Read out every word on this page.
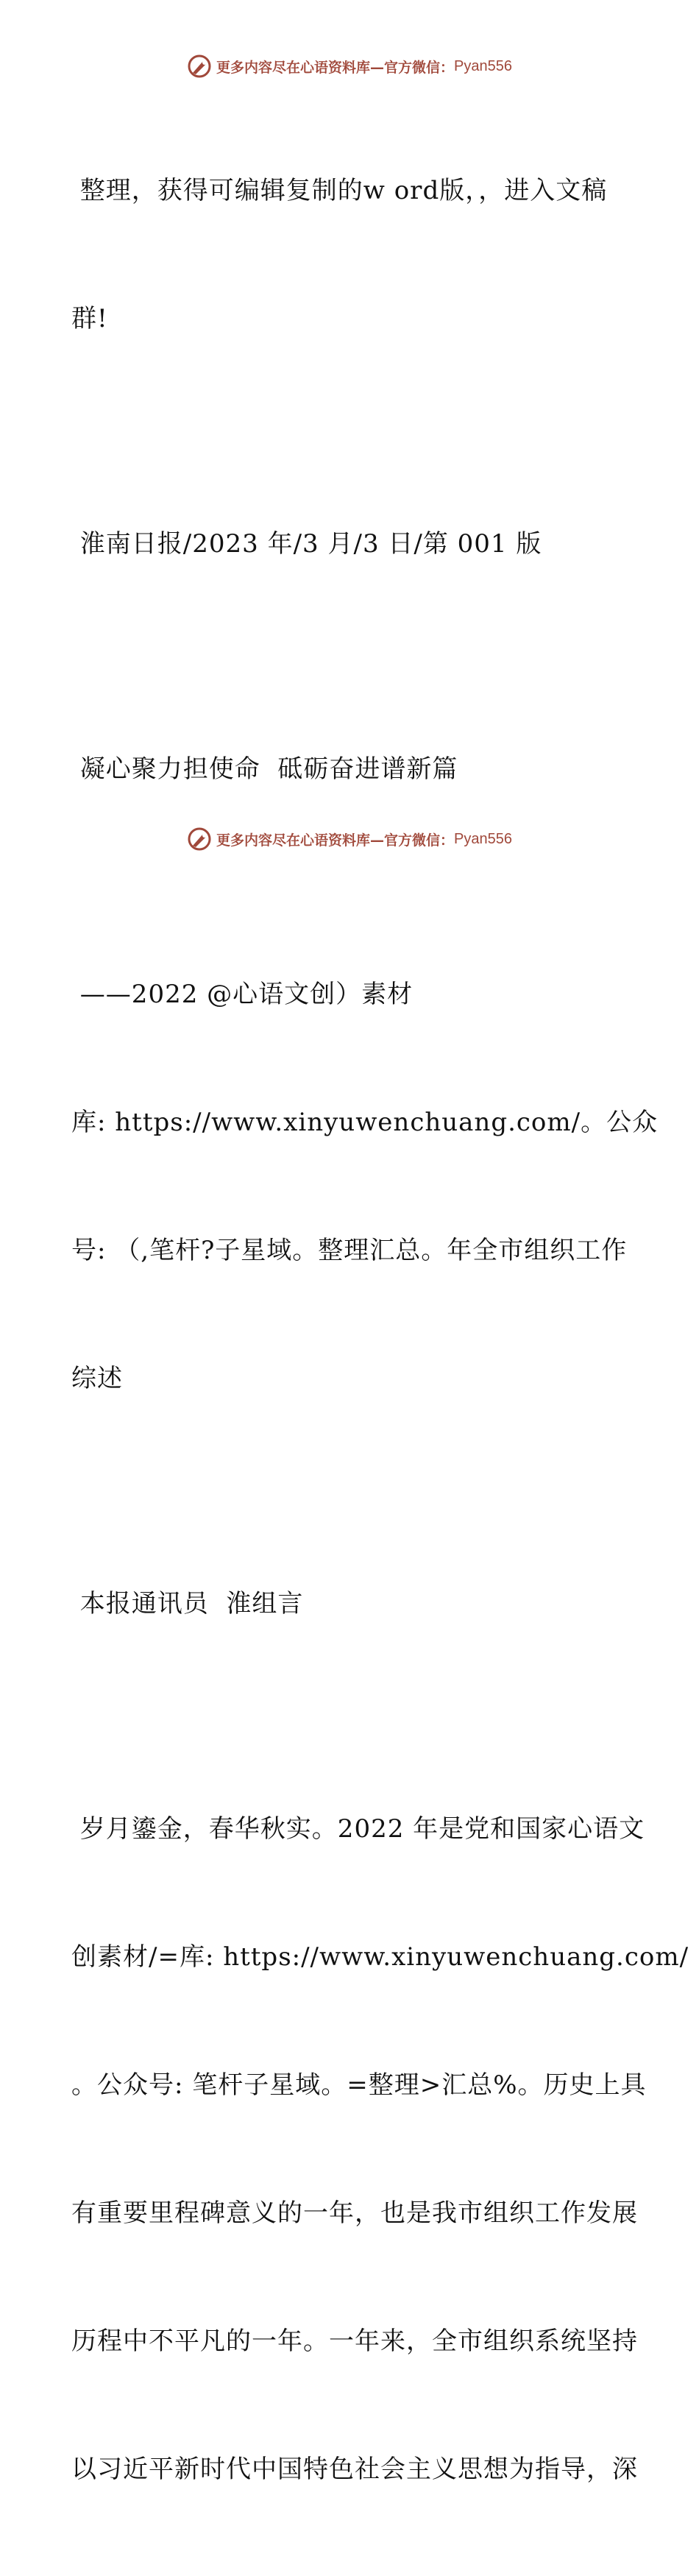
更多内容尽在心语资料库—官方微信： Pyan556

整理，获得可编辑复制的w ord版，，进入文稿

群!

淮南日报/2023 年/3 月/3 日/第 001 版

凝心聚力担使命  砥砺奋进谱新篇

——2022 @心语文创）素材

库: https://www.xinyuwenchuang.com/。公众

号: （,笔杆?子星域。整理汇总。年全市组织工作

综述

本报通讯员  淮组言

岁月鎏金，春华秋实。2022 年是党和国家心语文

创素材/=库: https://www.xinyuwenchuang.com/

。公众号: 笔杆子星域。=整理>汇总%。历史上具

有重要里程碑意义的一年，也是我市组织工作发展

历程中不平凡的一年。一年来，全市组织系统坚持

以习近平新时代中国特色社会主义思想为指导，深

更多内容尽在心语资料库—官方微信： Pyan556
